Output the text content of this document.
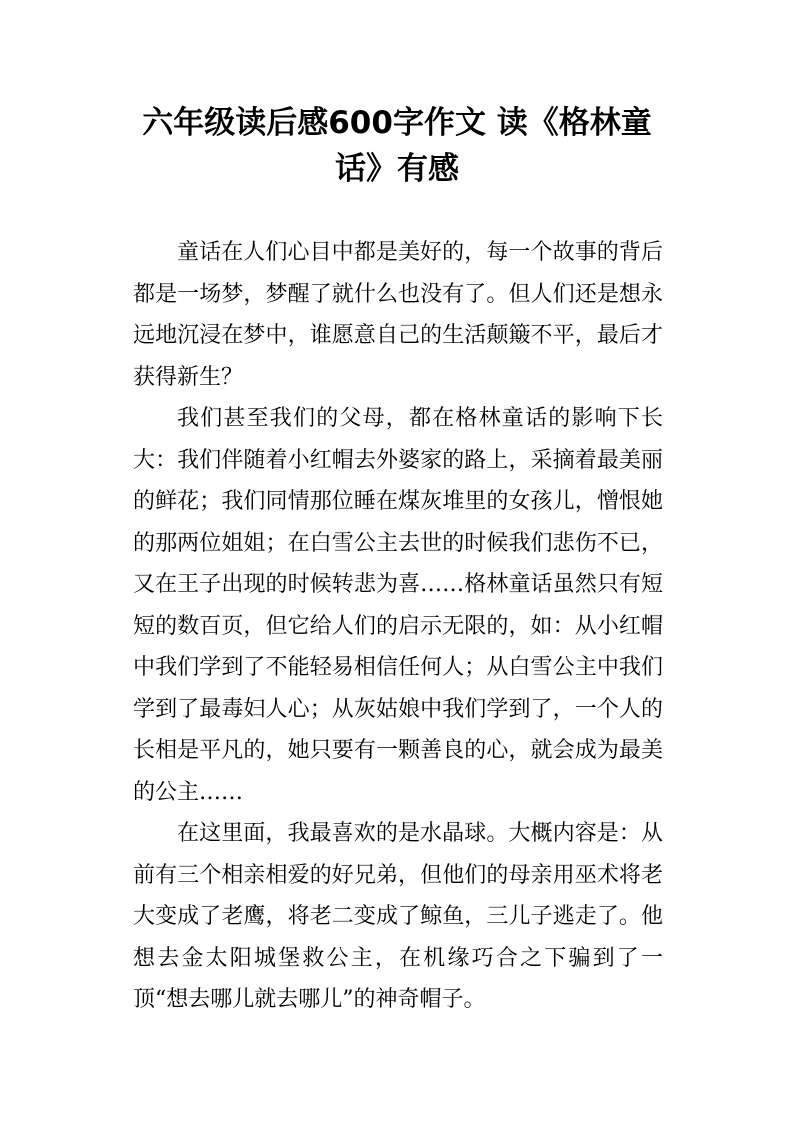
六年级读后感600字作文 读《格林童话》有感

童话在人们心目中都是美好的，每一个故事的背后都是一场梦，梦醒了就什么也没有了。但人们还是想永远地沉浸在梦中，谁愿意自己的生活颠簸不平，最后才获得新生？

我们甚至我们的父母，都在格林童话的影响下长大：我们伴随着小红帽去外婆家的路上，采摘着最美丽的鲜花；我们同情那位睡在煤灰堆里的女孩儿，憎恨她的那两位姐姐；在白雪公主去世的时候我们悲伤不已，又在王子出现的时候转悲为喜……格林童话虽然只有短短的数百页，但它给人们的启示无限的，如：从小红帽中我们学到了不能轻易相信任何人；从白雪公主中我们学到了最毒妇人心；从灰姑娘中我们学到了，一个人的长相是平凡的，她只要有一颗善良的心，就会成为最美的公主……

在这里面，我最喜欢的是水晶球。大概内容是：从前有三个相亲相爱的好兄弟，但他们的母亲用巫术将老大变成了老鹰，将老二变成了鲸鱼，三儿子逃走了。他想去金太阳城堡救公主，在机缘巧合之下骗到了一顶“想去哪儿就去哪儿”的神奇帽子。
